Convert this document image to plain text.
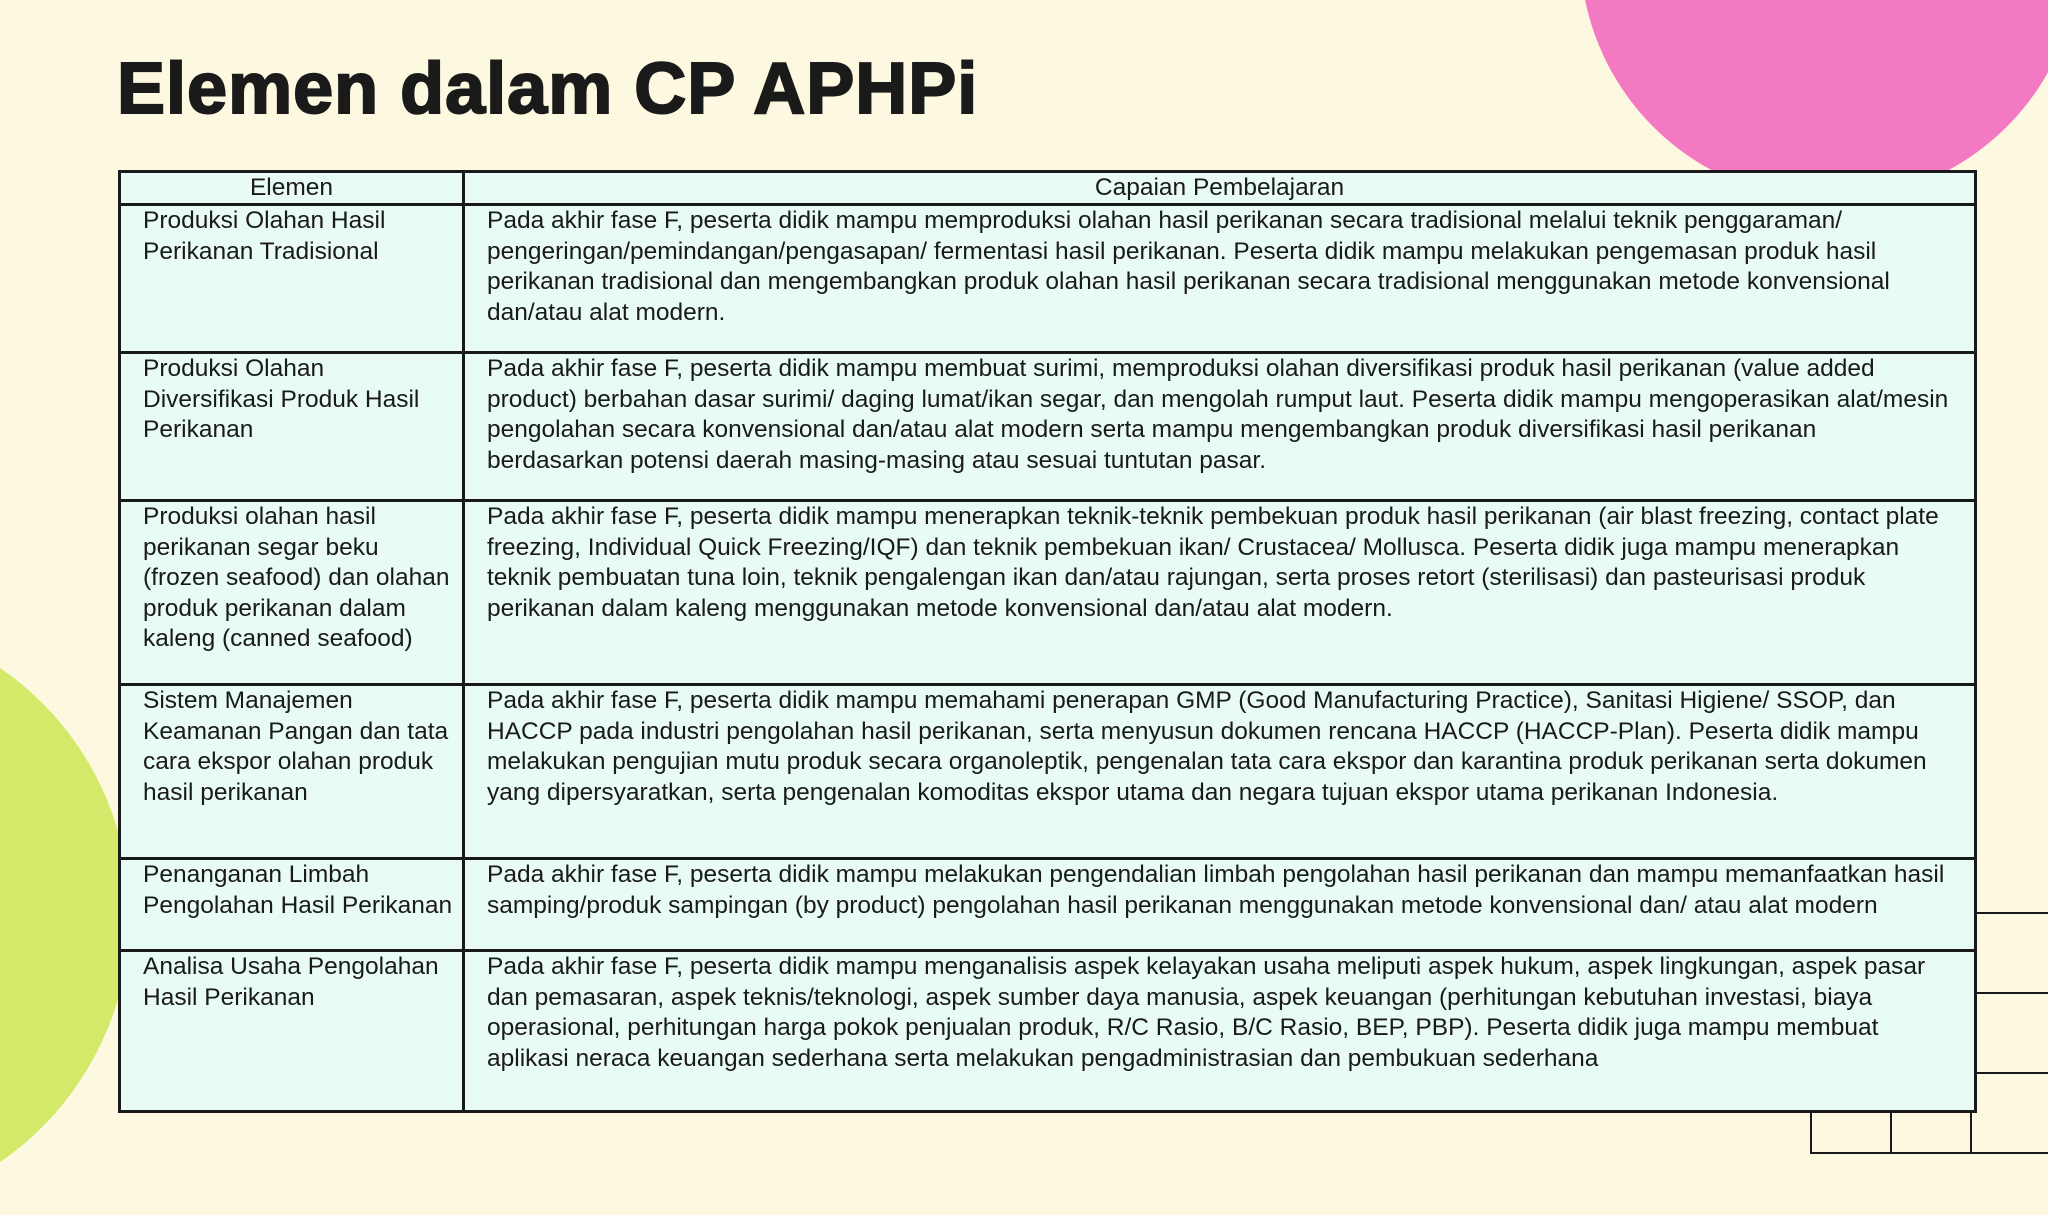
Elemen dalam CP APHPi
Elemen	Capaian Pembelajaran
Produksi Olahan Hasil Perikanan Tradisional	Pada akhir fase F, peserta didik mampu memproduksi olahan hasil perikanan secara tradisional melalui teknik penggaraman/ pengeringan/pemindangan/pengasapan/ fermentasi hasil perikanan. Peserta didik mampu melakukan pengemasan produk hasil perikanan tradisional dan mengembangkan produk olahan hasil perikanan secara tradisional menggunakan metode konvensional dan/atau alat modern.
Produksi Olahan Diversifikasi Produk Hasil Perikanan	Pada akhir fase F, peserta didik mampu membuat surimi, memproduksi olahan diversifikasi produk hasil perikanan (value added product) berbahan dasar surimi/ daging lumat/ikan segar, dan mengolah rumput laut. Peserta didik mampu mengoperasikan alat/mesin pengolahan secara konvensional dan/atau alat modern serta mampu mengembangkan produk diversifikasi hasil perikanan berdasarkan potensi daerah masing-masing atau sesuai tuntutan pasar.
Produksi olahan hasil perikanan segar beku (frozen seafood) dan olahan produk perikanan dalam kaleng (canned seafood)	Pada akhir fase F, peserta didik mampu menerapkan teknik-teknik pembekuan produk hasil perikanan (air blast freezing, contact plate freezing, Individual Quick Freezing/IQF) dan teknik pembekuan ikan/ Crustacea/ Mollusca. Peserta didik juga mampu menerapkan teknik pembuatan tuna loin, teknik pengalengan ikan dan/atau rajungan, serta proses retort (sterilisasi) dan pasteurisasi produk perikanan dalam kaleng menggunakan metode konvensional dan/atau alat modern.
Sistem Manajemen Keamanan Pangan dan tata cara ekspor olahan produk hasil perikanan	Pada akhir fase F, peserta didik mampu memahami penerapan GMP (Good Manufacturing Practice), Sanitasi Higiene/ SSOP, dan HACCP pada industri pengolahan hasil perikanan, serta menyusun dokumen rencana HACCP (HACCP-Plan). Peserta didik mampu melakukan pengujian mutu produk secara organoleptik, pengenalan tata cara ekspor dan karantina produk perikanan serta dokumen yang dipersyaratkan, serta pengenalan komoditas ekspor utama dan negara tujuan ekspor utama perikanan Indonesia.
Penanganan Limbah Pengolahan Hasil Perikanan	Pada akhir fase F, peserta didik mampu melakukan pengendalian limbah pengolahan hasil perikanan dan mampu memanfaatkan hasil samping/produk sampingan (by product) pengolahan hasil perikanan menggunakan metode konvensional dan/ atau alat modern
Analisa Usaha Pengolahan Hasil Perikanan	Pada akhir fase F, peserta didik mampu menganalisis aspek kelayakan usaha meliputi aspek hukum, aspek lingkungan, aspek pasar dan pemasaran, aspek teknis/teknologi, aspek sumber daya manusia, aspek keuangan (perhitungan kebutuhan investasi, biaya operasional, perhitungan harga pokok penjualan produk, R/C Rasio, B/C Rasio, BEP, PBP). Peserta didik juga mampu membuat aplikasi neraca keuangan sederhana serta melakukan pengadministrasian dan pembukuan sederhana
